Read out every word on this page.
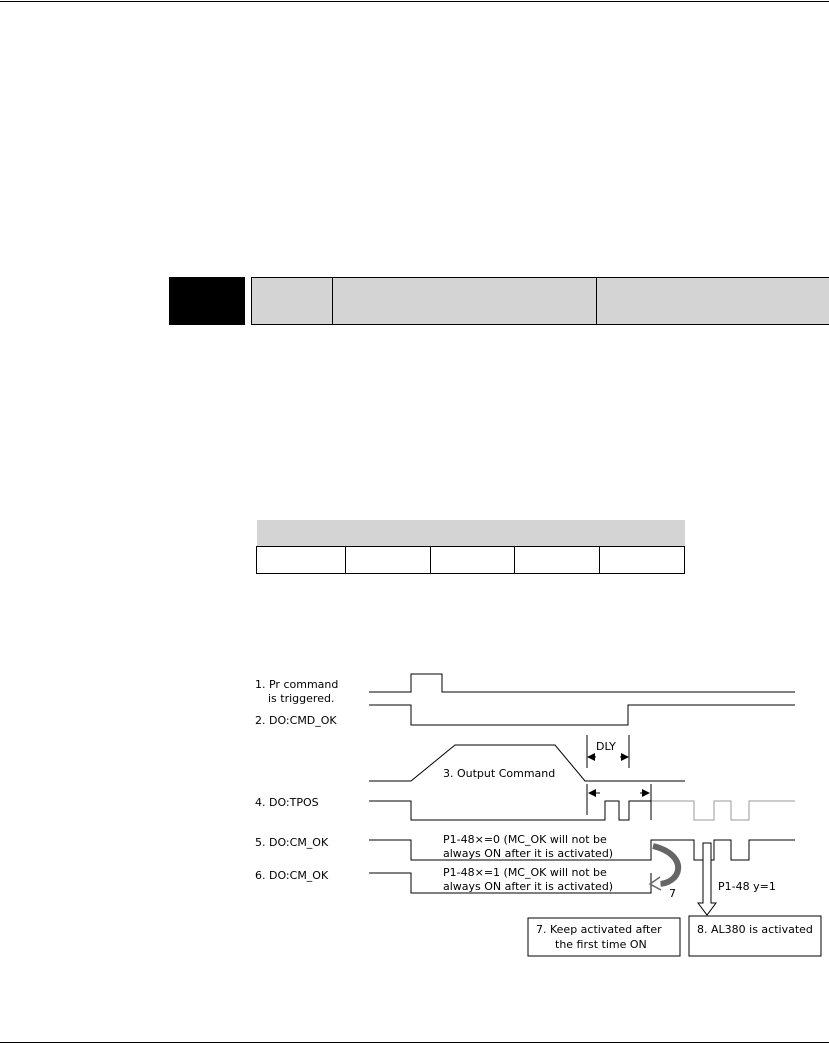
1. Pr command
is triggered.
2. DO:CMD_OK
4. DO:TPOS
5. DO:CM_OK
6. DO:CM_OK
3. Output Command
DLY
P1-48×=0 (MC_OK will not be
always ON after it is activated)
P1-48×=1 (MC_OK will not be
always ON after it is activated)
7
P1-48 y=1
7. Keep activated after
the first time ON
8. AL380 is activated
